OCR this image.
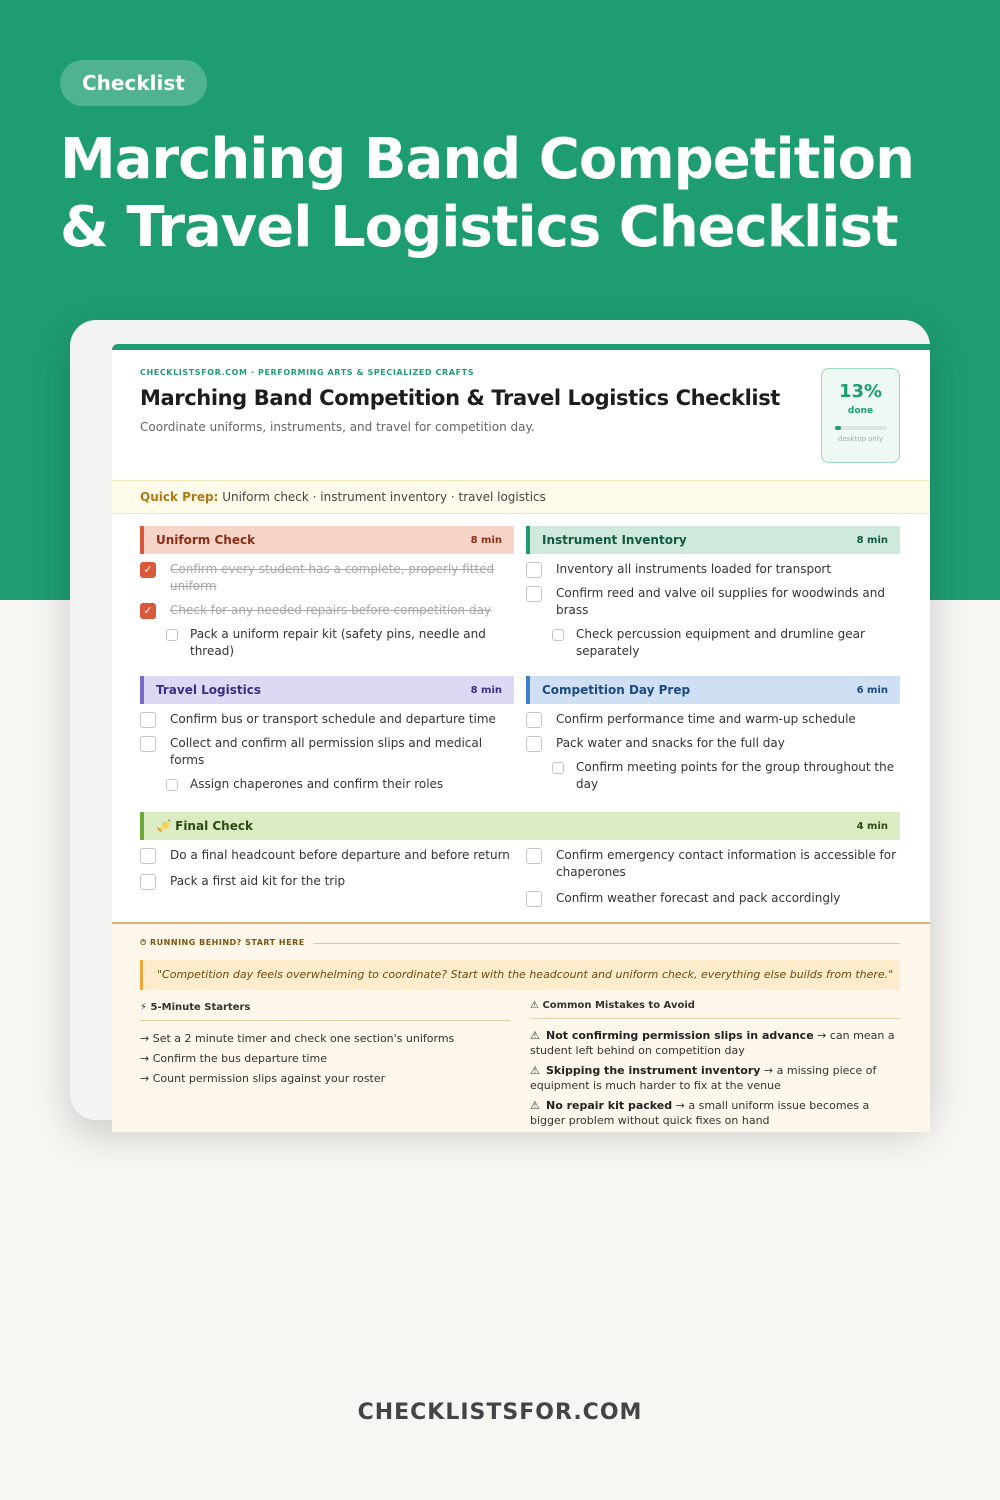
Checklist
Marching Band Competition & Travel Logistics Checklist
CHECKLISTSFOR.COM · PERFORMING ARTS & SPECIALIZED CRAFTS
Marching Band Competition & Travel Logistics Checklist
Coordinate uniforms, instruments, and travel for competition day.
13%
done
desktop only
Quick Prep: Uniform check · instrument inventory · travel logistics
Uniform Check	8 min
✓ Confirm every student has a complete, properly fitted uniform
✓ Check for any needed repairs before competition day
Pack a uniform repair kit (safety pins, needle and thread)
Instrument Inventory	8 min
Inventory all instruments loaded for transport
Confirm reed and valve oil supplies for woodwinds and brass
Check percussion equipment and drumline gear separately
Travel Logistics	8 min
Confirm bus or transport schedule and departure time
Collect and confirm all permission slips and medical forms
Assign chaperones and confirm their roles
Competition Day Prep	6 min
Confirm performance time and warm-up schedule
Pack water and snacks for the full day
Confirm meeting points for the group throughout the day
🎺 Final Check	4 min
Do a final headcount before departure and before return
Pack a first aid kit for the trip
Confirm emergency contact information is accessible for chaperones
Confirm weather forecast and pack accordingly
⏱ RUNNING BEHIND? START HERE
"Competition day feels overwhelming to coordinate? Start with the headcount and uniform check, everything else builds from there."
⚡ 5-Minute Starters
→ Set a 2 minute timer and check one section's uniforms
→ Confirm the bus departure time
→ Count permission slips against your roster
⚠ Common Mistakes to Avoid
⚠ Not confirming permission slips in advance → can mean a student left behind on competition day
⚠ Skipping the instrument inventory → a missing piece of equipment is much harder to fix at the venue
⚠ No repair kit packed → a small uniform issue becomes a bigger problem without quick fixes on hand
CHECKLISTSFOR.COM
